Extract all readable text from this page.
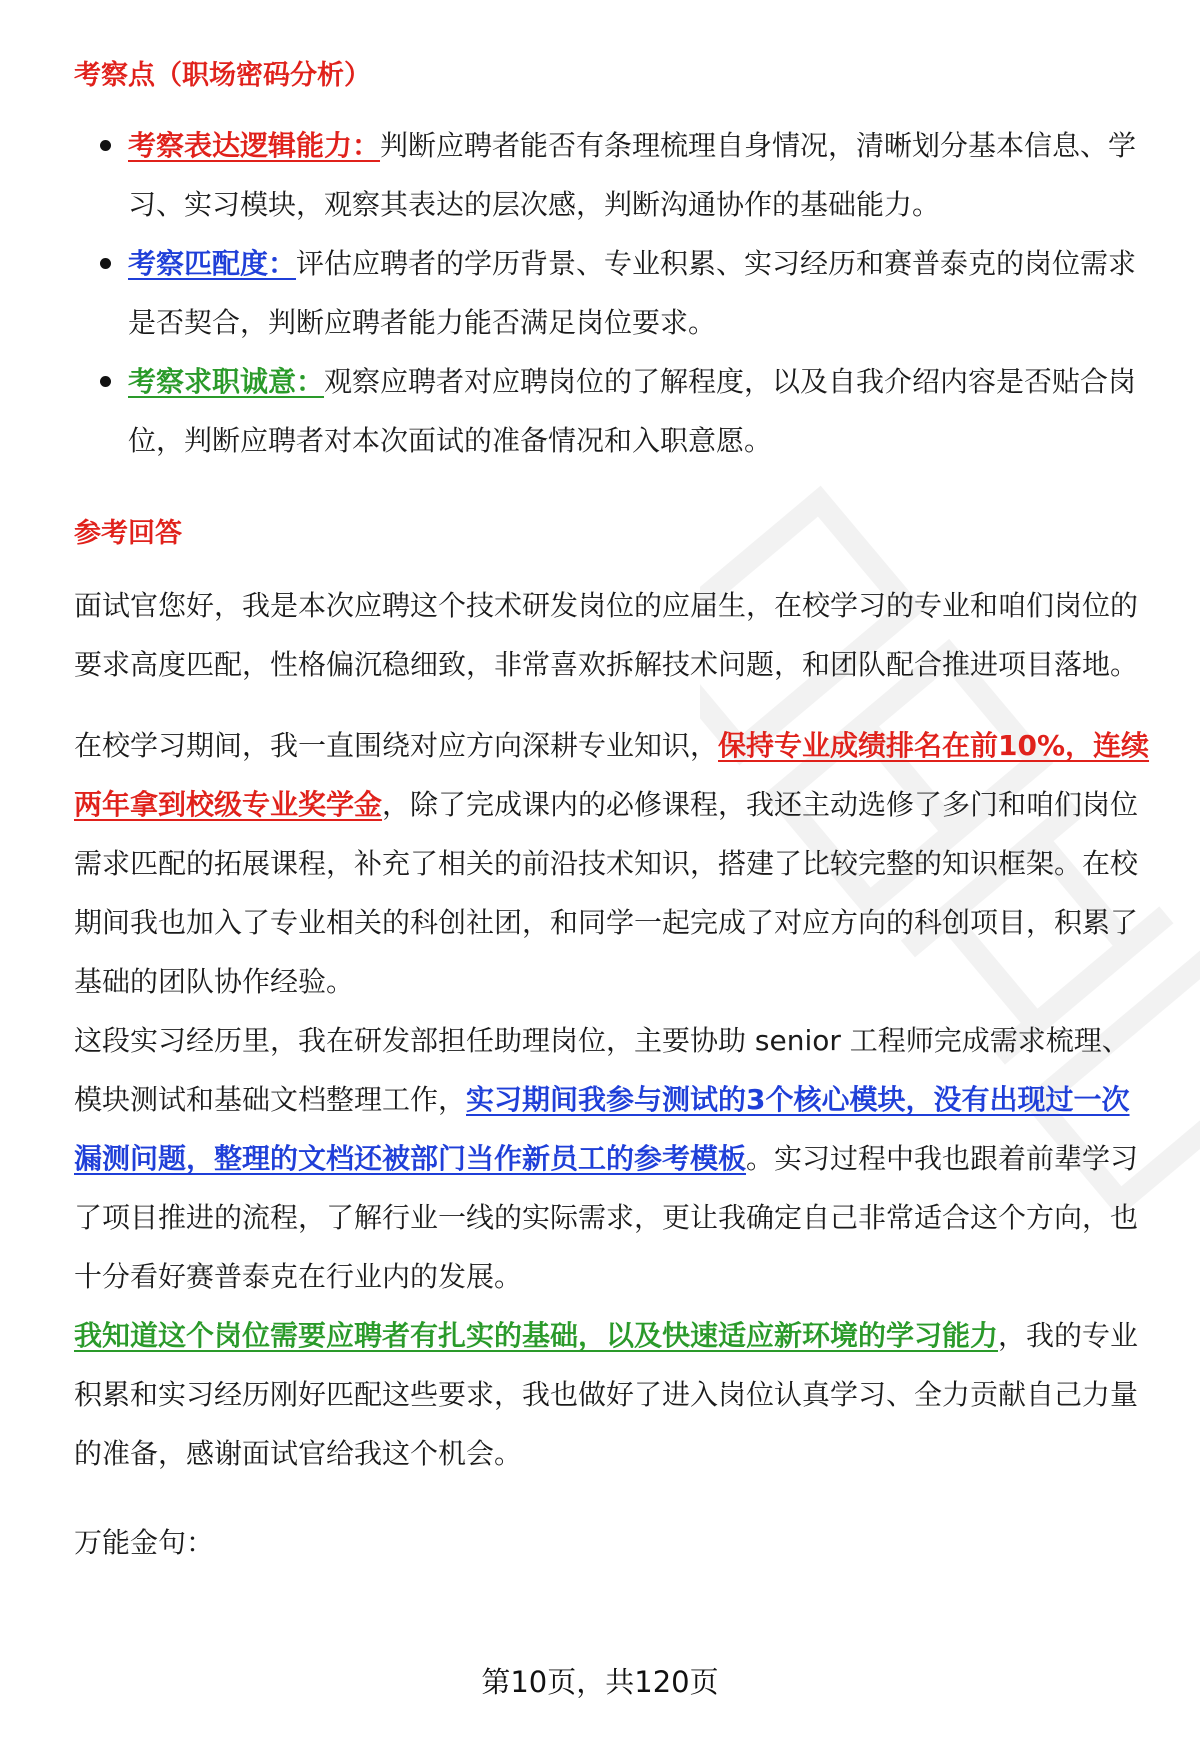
考察点（职场密码分析）
考察表达逻辑能力：判断应聘者能否有条理梳理自身情况，清晰划分基本信息、学习、实习模块，观察其表达的层次感，判断沟通协作的基础能力。
考察匹配度：评估应聘者的学历背景、专业积累、实习经历和赛普泰克的岗位需求是否契合，判断应聘者能力能否满足岗位要求。
考察求职诚意：观察应聘者对应聘岗位的了解程度，以及自我介绍内容是否贴合岗位，判断应聘者对本次面试的准备情况和入职意愿。
参考回答

面试官您好，我是本次应聘这个技术研发岗位的应届生，在校学习的专业和咱们岗位的要求高度匹配，性格偏沉稳细致，非常喜欢拆解技术问题，和团队配合推进项目落地。

在校学习期间，我一直围绕对应方向深耕专业知识，保持专业成绩排名在前10%，连续两年拿到校级专业奖学金，除了完成课内的必修课程，我还主动选修了多门和咱们岗位需求匹配的拓展课程，补充了相关的前沿技术知识，搭建了比较完整的知识框架。在校期间我也加入了专业相关的科创社团，和同学一起完成了对应方向的科创项目，积累了基础的团队协作经验。

这段实习经历里，我在研发部担任助理岗位，主要协助 senior 工程师完成需求梳理、模块测试和基础文档整理工作，实习期间我参与测试的3个核心模块，没有出现过一次漏测问题，整理的文档还被部门当作新员工的参考模板。实习过程中我也跟着前辈学习了项目推进的流程，了解行业一线的实际需求，更让我确定自己非常适合这个方向，也十分看好赛普泰克在行业内的发展。

我知道这个岗位需要应聘者有扎实的基础，以及快速适应新环境的学习能力，我的专业积累和实习经历刚好匹配这些要求，我也做好了进入岗位认真学习、全力贡献自己力量的准备，感谢面试官给我这个机会。

万能金句：

第10页，共120页
